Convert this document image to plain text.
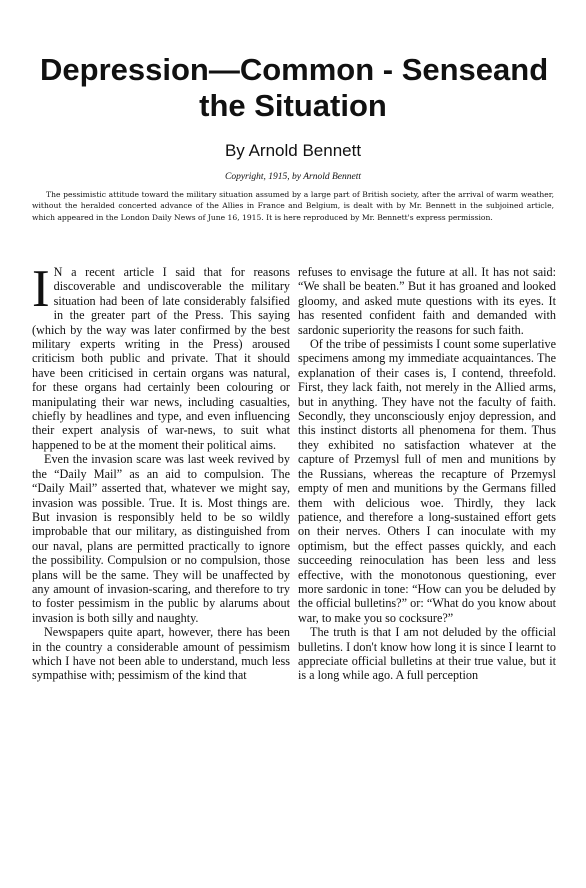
Depression—Common - Sense and
the Situation
By Arnold Bennett
Copyright, 1915, by Arnold Bennett

The pessimistic attitude toward the military situation assumed by a large part of British society, after the arrival of warm weather, without the heralded concerted advance of the Allies in France and Belgium, is dealt with by Mr. Bennett in the subjoined article, which appeared in the London Daily News of June 16, 1915. It is here reproduced by Mr. Bennett's express permission.

I N a recent article I said that for reasons discoverable and undiscoverable the military situation had been of late considerably falsified in the greater part of the Press. This saying (which by the way was later confirmed by the best military experts writing in the Press) aroused criticism both public and private. That it should have been criticised in certain organs was natural, for these organs had certainly been colouring or manipulating their war news, including casualties, chiefly by headlines and type, and even influencing their expert analysis of war-news, to suit what happened to be at the moment their political aims.

Even the invasion scare was last week revived by the “Daily Mail” as an aid to compulsion. The “Daily Mail” asserted that, whatever we might say, invasion was possible. True. It is. Most things are. But invasion is responsibly held to be so wildly improbable that our military, as distinguished from our naval, plans are permitted practically to ignore the possibility. Compulsion or no compulsion, those plans will be the same. They will be unaffected by any amount of invasion-scaring, and therefore to try to foster pessimism in the public by alarums about invasion is both silly and naughty.

Newspapers quite apart, however, there has been in the country a considerable amount of pessimism which I have not been able to understand, much less sympathise with; pessimism of the kind that

refuses to envisage the future at all. It has not said: “We shall be beaten.” But it has groaned and looked gloomy, and asked mute questions with its eyes. It has resented confident faith and demanded with sardonic superiority the reasons for such faith.

Of the tribe of pessimists I count some superlative specimens among my immediate acquaintances. The explanation of their cases is, I contend, threefold. First, they lack faith, not merely in the Allied arms, but in anything. They have not the faculty of faith. Secondly, they unconsciously enjoy depression, and this instinct distorts all phenomena for them. Thus they exhibited no satisfaction whatever at the capture of Przemysl full of men and munitions by the Russians, whereas the recapture of Przemysl empty of men and munitions by the Germans filled them with delicious woe. Thirdly, they lack patience, and therefore a long-sustained effort gets on their nerves. Others I can inoculate with my optimism, but the effect passes quickly, and each succeeding reinoculation has been less and less effective, with the monotonous questioning, ever more sardonic in tone: “How can you be deluded by the official bulletins?” or: “What do you know about war, to make you so cocksure?”

The truth is that I am not deluded by the official bulletins. I don't know how long it is since I learnt to appreciate official bulletins at their true value, but it is a long while ago. A full perception
